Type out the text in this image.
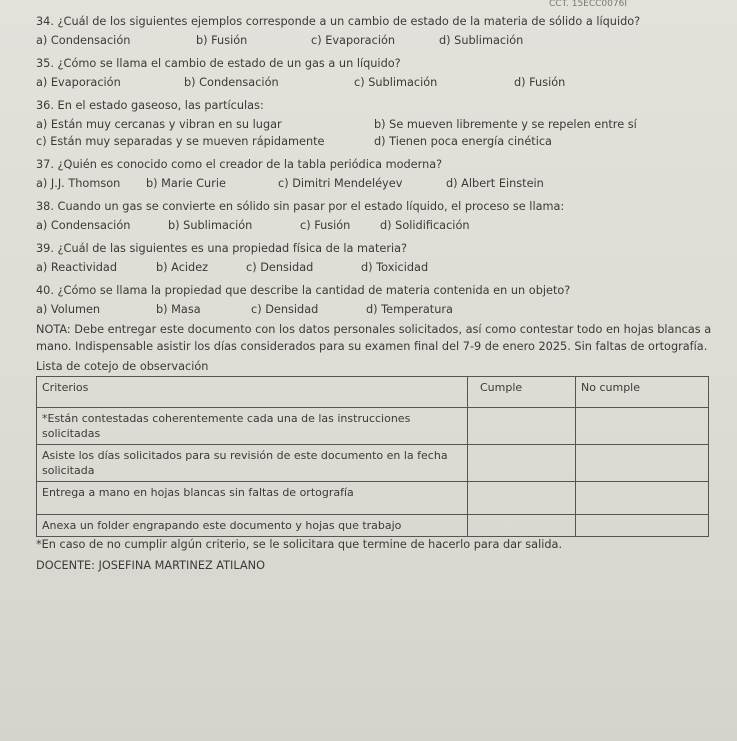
CCT. 15ECC0076I
34. ¿Cuál de los siguientes ejemplos corresponde a un cambio de estado de la materia de sólido a líquido?
a) Condensación	b) Fusión	c) Evaporación	d) Sublimación
35. ¿Cómo se llama el cambio de estado de un gas a un líquido?
a) Evaporación	b) Condensación	c) Sublimación	d) Fusión
36. En el estado gaseoso, las partículas:
a) Están muy cercanas y vibran en su lugar	b) Se mueven libremente y se repelen entre sí
c) Están muy separadas y se mueven rápidamente	d) Tienen poca energía cinética
37. ¿Quién es conocido como el creador de la tabla periódica moderna?
a) J.J. Thomson	b) Marie Curie	c) Dimitri Mendeléyev	d) Albert Einstein
38. Cuando un gas se convierte en sólido sin pasar por el estado líquido, el proceso se llama:
a) Condensación	b) Sublimación	c) Fusión	d) Solidificación
39. ¿Cuál de las siguientes es una propiedad física de la materia?
a) Reactividad	b) Acidez	c) Densidad	d) Toxicidad
40. ¿Cómo se llama la propiedad que describe la cantidad de materia contenida en un objeto?
a) Volumen	b) Masa	c) Densidad	d) Temperatura
NOTA: Debe entregar este documento con los datos personales solicitados, así como contestar todo en hojas blancas a mano. Indispensable asistir los días considerados para su examen final del 7-9 de enero 2025. Sin faltas de ortografía.
Lista de cotejo de observación
Criterios	Cumple	No cumple
*Están contestadas coherentemente cada una de las instrucciones solicitadas		
Asiste los días solicitados para su revisión de este documento en la fecha solicitada		
Entrega a mano en hojas blancas sin faltas de ortografía		
Anexa un folder engrapando este documento y hojas que trabajo		
*En caso de no cumplir algún criterio, se le solicitara que termine de hacerlo para dar salida.
DOCENTE: JOSEFINA MARTINEZ ATILANO
